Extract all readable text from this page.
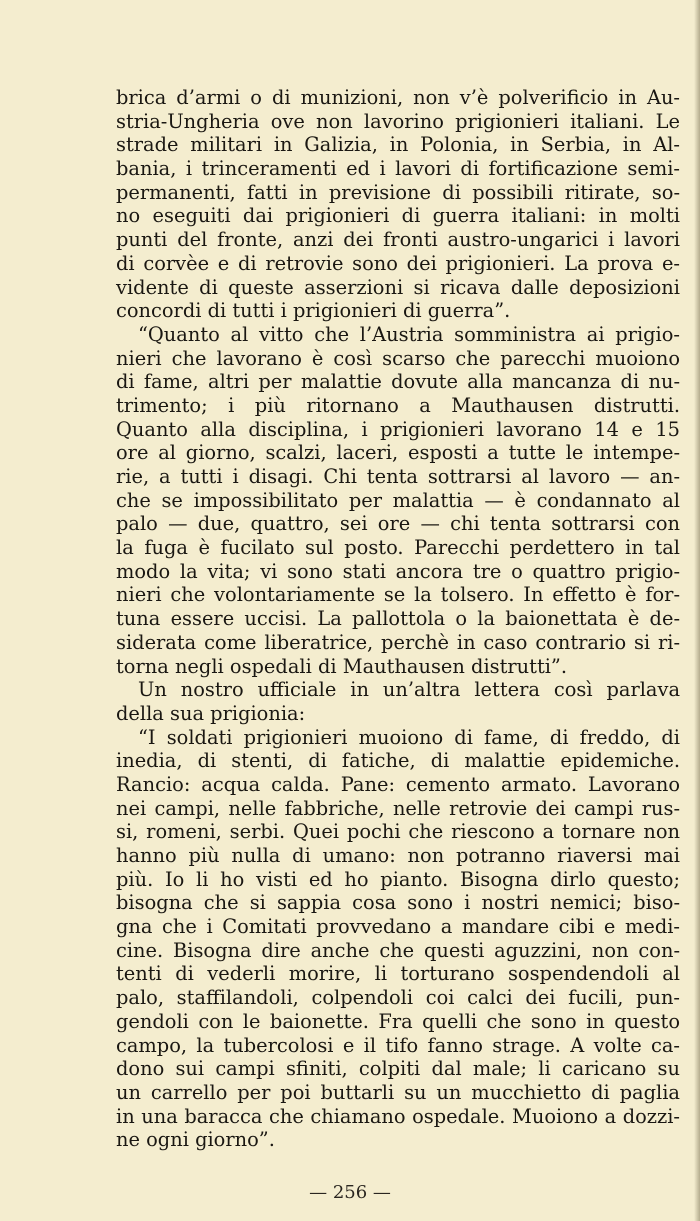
brica d’armi o di munizioni, non v’è polverificio in Au-
stria-Ungheria ove non lavorino prigionieri italiani. Le
strade militari in Galizia, in Polonia, in Serbia, in Al-
bania, i trinceramenti ed i lavori di fortificazione semi-
permanenti, fatti in previsione di possibili ritirate, so-
no eseguiti dai prigionieri di guerra italiani: in molti
punti del fronte, anzi dei fronti austro-ungarici i lavori
di corvèe e di retrovie sono dei prigionieri. La prova e-
vidente di queste asserzioni si ricava dalle deposizioni
concordi di tutti i prigionieri di guerra”.
“Quanto al vitto che l’Austria somministra ai prigio-
nieri che lavorano è così scarso che parecchi muoiono
di fame, altri per malattie dovute alla mancanza di nu-
trimento; i più ritornano a Mauthausen distrutti.
Quanto alla disciplina, i prigionieri lavorano 14 e 15
ore al giorno, scalzi, laceri, esposti a tutte le intempe-
rie, a tutti i disagi. Chi tenta sottrarsi al lavoro — an-
che se impossibilitato per malattia — è condannato al
palo — due, quattro, sei ore — chi tenta sottrarsi con
la fuga è fucilato sul posto. Parecchi perdettero in tal
modo la vita; vi sono stati ancora tre o quattro prigio-
nieri che volontariamente se la tolsero. In effetto è for-
tuna essere uccisi. La pallottola o la baionettata è de-
siderata come liberatrice, perchè in caso contrario si ri-
torna negli ospedali di Mauthausen distrutti”.
Un nostro ufficiale in un’altra lettera così parlava
della sua prigionia:
“I soldati prigionieri muoiono di fame, di freddo, di
inedia, di stenti, di fatiche, di malattie epidemiche.
Rancio: acqua calda. Pane: cemento armato. Lavorano
nei campi, nelle fabbriche, nelle retrovie dei campi rus-
si, romeni, serbi. Quei pochi che riescono a tornare non
hanno più nulla di umano: non potranno riaversi mai
più. Io li ho visti ed ho pianto. Bisogna dirlo questo;
bisogna che si sappia cosa sono i nostri nemici; biso-
gna che i Comitati provvedano a mandare cibi e medi-
cine. Bisogna dire anche che questi aguzzini, non con-
tenti di vederli morire, li torturano sospendendoli al
palo, staffilandoli, colpendoli coi calci dei fucili, pun-
gendoli con le baionette. Fra quelli che sono in questo
campo, la tubercolosi e il tifo fanno strage. A volte ca-
dono sui campi sfiniti, colpiti dal male; li caricano su
un carrello per poi buttarli su un mucchietto di paglia
in una baracca che chiamano ospedale. Muoiono a dozzi-
ne ogni giorno”.
— 256 —
